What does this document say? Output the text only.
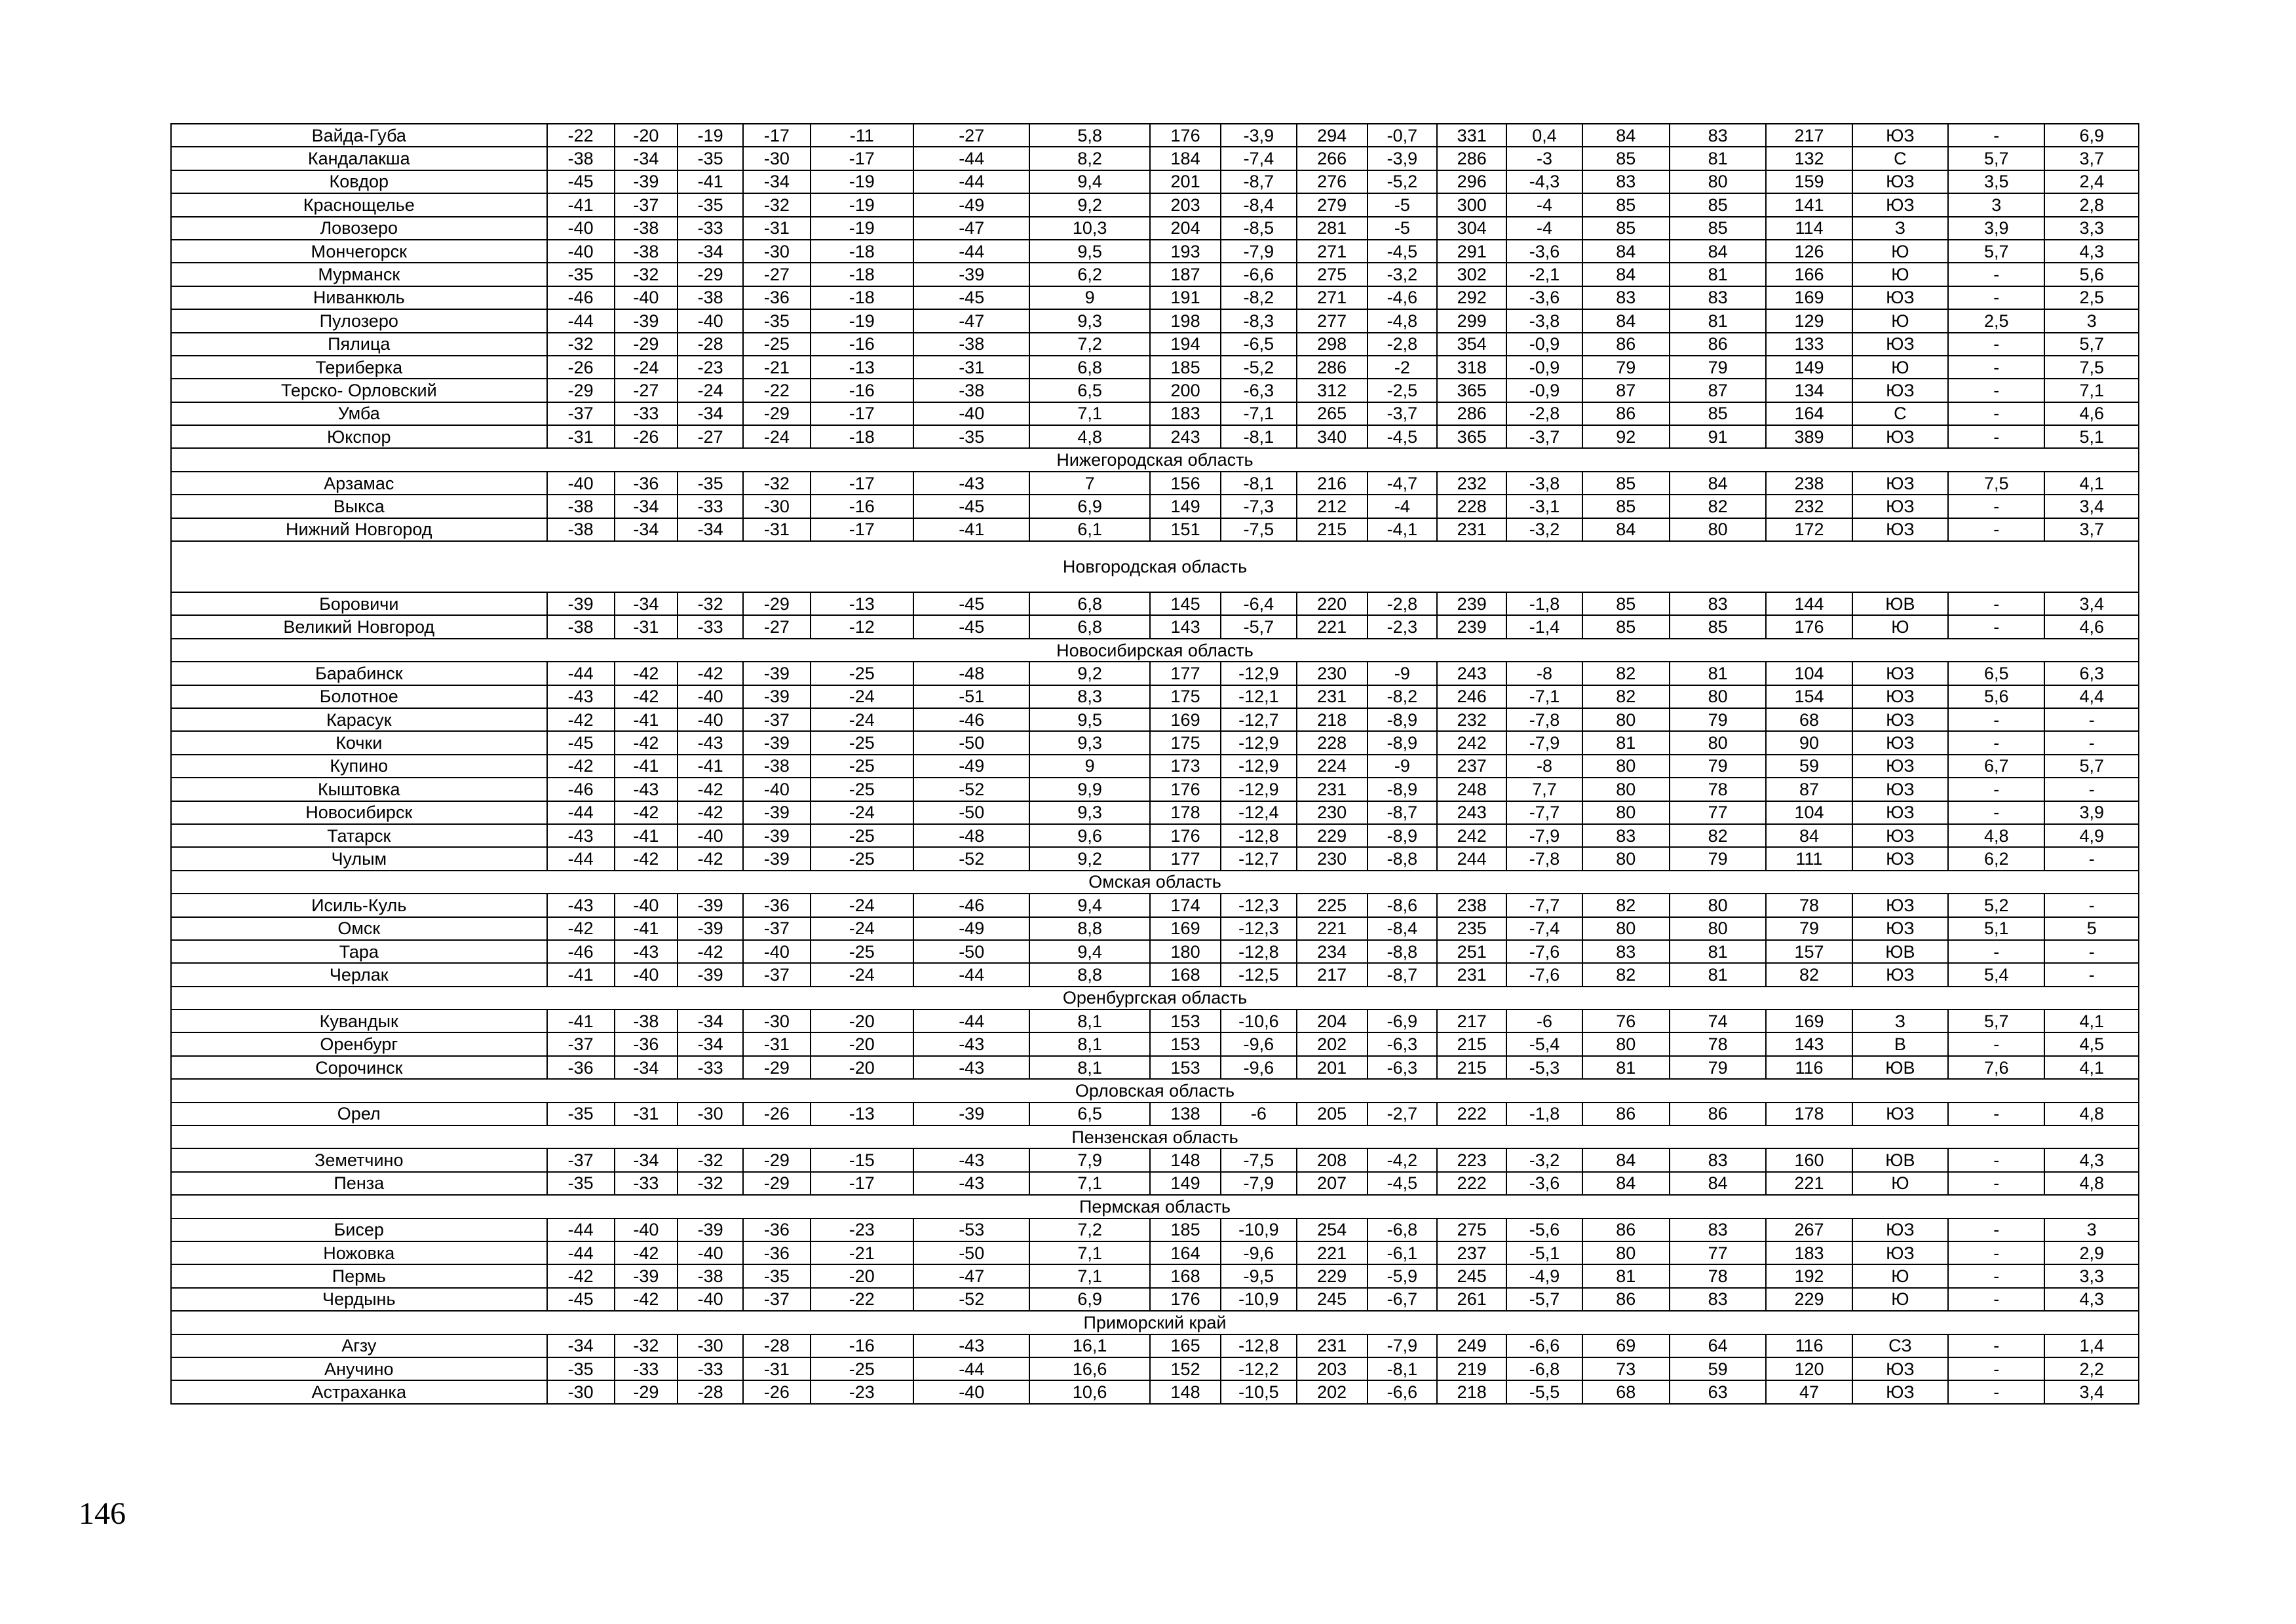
Вайда-Губа	-22	-20	-19	-17	-11	-27	5,8	176	-3,9	294	-0,7	331	0,4	84	83	217	ЮЗ	-	6,9
Кандалакша	-38	-34	-35	-30	-17	-44	8,2	184	-7,4	266	-3,9	286	-3	85	81	132	С	5,7	3,7
Ковдор	-45	-39	-41	-34	-19	-44	9,4	201	-8,7	276	-5,2	296	-4,3	83	80	159	ЮЗ	3,5	2,4
Краснощелье	-41	-37	-35	-32	-19	-49	9,2	203	-8,4	279	-5	300	-4	85	85	141	ЮЗ	3	2,8
Ловозеро	-40	-38	-33	-31	-19	-47	10,3	204	-8,5	281	-5	304	-4	85	85	114	З	3,9	3,3
Мончегорск	-40	-38	-34	-30	-18	-44	9,5	193	-7,9	271	-4,5	291	-3,6	84	84	126	Ю	5,7	4,3
Мурманск	-35	-32	-29	-27	-18	-39	6,2	187	-6,6	275	-3,2	302	-2,1	84	81	166	Ю	-	5,6
Ниванкюль	-46	-40	-38	-36	-18	-45	9	191	-8,2	271	-4,6	292	-3,6	83	83	169	ЮЗ	-	2,5
Пулозеро	-44	-39	-40	-35	-19	-47	9,3	198	-8,3	277	-4,8	299	-3,8	84	81	129	Ю	2,5	3
Пялица	-32	-29	-28	-25	-16	-38	7,2	194	-6,5	298	-2,8	354	-0,9	86	86	133	ЮЗ	-	5,7
Териберка	-26	-24	-23	-21	-13	-31	6,8	185	-5,2	286	-2	318	-0,9	79	79	149	Ю	-	7,5
Терско- Орловский	-29	-27	-24	-22	-16	-38	6,5	200	-6,3	312	-2,5	365	-0,9	87	87	134	ЮЗ	-	7,1
Умба	-37	-33	-34	-29	-17	-40	7,1	183	-7,1	265	-3,7	286	-2,8	86	85	164	С	-	4,6
Юкспор	-31	-26	-27	-24	-18	-35	4,8	243	-8,1	340	-4,5	365	-3,7	92	91	389	ЮЗ	-	5,1
Нижегородская область																			
Арзамас	-40	-36	-35	-32	-17	-43	7	156	-8,1	216	-4,7	232	-3,8	85	84	238	ЮЗ	7,5	4,1
Выкса	-38	-34	-33	-30	-16	-45	6,9	149	-7,3	212	-4	228	-3,1	85	82	232	ЮЗ	-	3,4
Нижний Новгород	-38	-34	-34	-31	-17	-41	6,1	151	-7,5	215	-4,1	231	-3,2	84	80	172	ЮЗ	-	3,7
Новгородская область																			
Боровичи	-39	-34	-32	-29	-13	-45	6,8	145	-6,4	220	-2,8	239	-1,8	85	83	144	ЮВ	-	3,4
Великий Новгород	-38	-31	-33	-27	-12	-45	6,8	143	-5,7	221	-2,3	239	-1,4	85	85	176	Ю	-	4,6
Новосибирская область																			
Барабинск	-44	-42	-42	-39	-25	-48	9,2	177	-12,9	230	-9	243	-8	82	81	104	ЮЗ	6,5	6,3
Болотное	-43	-42	-40	-39	-24	-51	8,3	175	-12,1	231	-8,2	246	-7,1	82	80	154	ЮЗ	5,6	4,4
Карасук	-42	-41	-40	-37	-24	-46	9,5	169	-12,7	218	-8,9	232	-7,8	80	79	68	ЮЗ	-	-
Кочки	-45	-42	-43	-39	-25	-50	9,3	175	-12,9	228	-8,9	242	-7,9	81	80	90	ЮЗ	-	-
Купино	-42	-41	-41	-38	-25	-49	9	173	-12,9	224	-9	237	-8	80	79	59	ЮЗ	6,7	5,7
Кыштовка	-46	-43	-42	-40	-25	-52	9,9	176	-12,9	231	-8,9	248	7,7	80	78	87	ЮЗ	-	-
Новосибирск	-44	-42	-42	-39	-24	-50	9,3	178	-12,4	230	-8,7	243	-7,7	80	77	104	ЮЗ	-	3,9
Татарск	-43	-41	-40	-39	-25	-48	9,6	176	-12,8	229	-8,9	242	-7,9	83	82	84	ЮЗ	4,8	4,9
Чулым	-44	-42	-42	-39	-25	-52	9,2	177	-12,7	230	-8,8	244	-7,8	80	79	111	ЮЗ	6,2	-
Омская область																			
Исиль-Куль	-43	-40	-39	-36	-24	-46	9,4	174	-12,3	225	-8,6	238	-7,7	82	80	78	ЮЗ	5,2	-
Омск	-42	-41	-39	-37	-24	-49	8,8	169	-12,3	221	-8,4	235	-7,4	80	80	79	ЮЗ	5,1	5
Тара	-46	-43	-42	-40	-25	-50	9,4	180	-12,8	234	-8,8	251	-7,6	83	81	157	ЮВ	-	-
Черлак	-41	-40	-39	-37	-24	-44	8,8	168	-12,5	217	-8,7	231	-7,6	82	81	82	ЮЗ	5,4	-
Оренбургская область																			
Кувандык	-41	-38	-34	-30	-20	-44	8,1	153	-10,6	204	-6,9	217	-6	76	74	169	З	5,7	4,1
Оренбург	-37	-36	-34	-31	-20	-43	8,1	153	-9,6	202	-6,3	215	-5,4	80	78	143	В	-	4,5
Сорочинск	-36	-34	-33	-29	-20	-43	8,1	153	-9,6	201	-6,3	215	-5,3	81	79	116	ЮВ	7,6	4,1
Орловская область																			
Орел	-35	-31	-30	-26	-13	-39	6,5	138	-6	205	-2,7	222	-1,8	86	86	178	ЮЗ	-	4,8
Пензенская область																			
Земетчино	-37	-34	-32	-29	-15	-43	7,9	148	-7,5	208	-4,2	223	-3,2	84	83	160	ЮВ	-	4,3
Пенза	-35	-33	-32	-29	-17	-43	7,1	149	-7,9	207	-4,5	222	-3,6	84	84	221	Ю	-	4,8
Пермская область																			
Бисер	-44	-40	-39	-36	-23	-53	7,2	185	-10,9	254	-6,8	275	-5,6	86	83	267	ЮЗ	-	3
Ножовка	-44	-42	-40	-36	-21	-50	7,1	164	-9,6	221	-6,1	237	-5,1	80	77	183	ЮЗ	-	2,9
Пермь	-42	-39	-38	-35	-20	-47	7,1	168	-9,5	229	-5,9	245	-4,9	81	78	192	Ю	-	3,3
Чердынь	-45	-42	-40	-37	-22	-52	6,9	176	-10,9	245	-6,7	261	-5,7	86	83	229	Ю	-	4,3
Приморский край																			
Агзу	-34	-32	-30	-28	-16	-43	16,1	165	-12,8	231	-7,9	249	-6,6	69	64	116	СЗ	-	1,4
Анучино	-35	-33	-33	-31	-25	-44	16,6	152	-12,2	203	-8,1	219	-6,8	73	59	120	ЮЗ	-	2,2
Астраханка	-30	-29	-28	-26	-23	-40	10,6	148	-10,5	202	-6,6	218	-5,5	68	63	47	ЮЗ	-	3,4
146
